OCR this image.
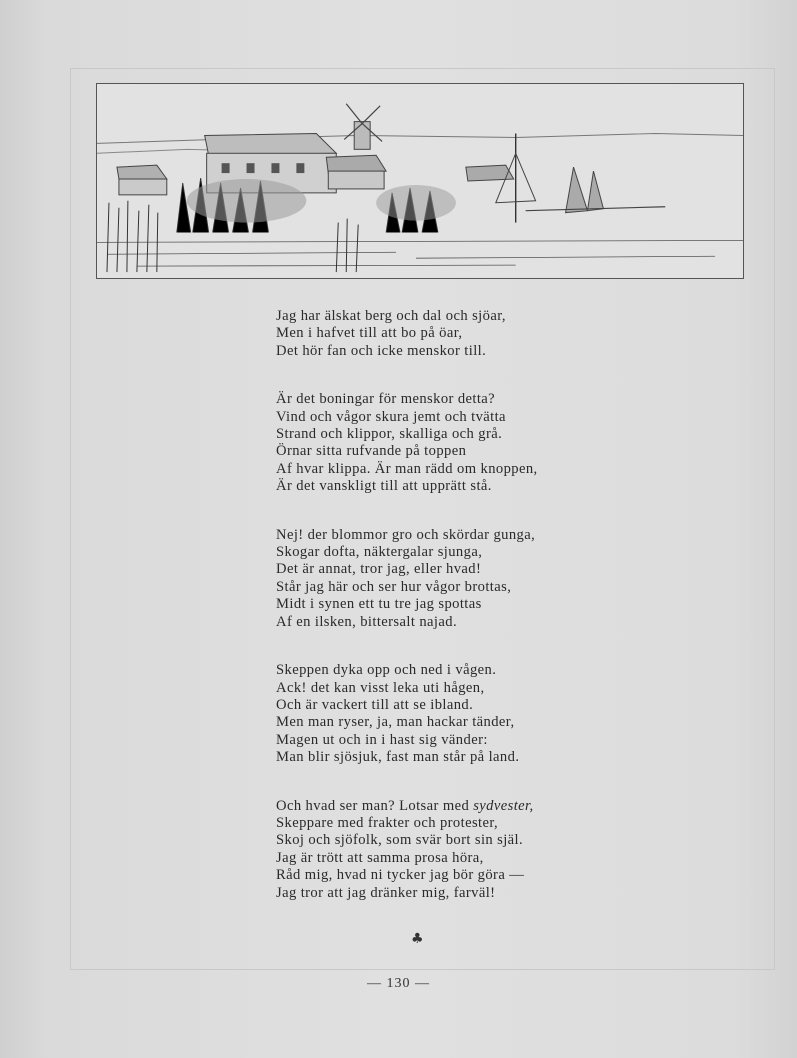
Jag har älskat berg och dal och sjöar,
Men i hafvet till att bo på öar,
Det hör fan och icke menskor till.
Är det boningar för menskor detta?
Vind och vågor skura jemt och tvätta
Strand och klippor, skalliga och grå.
Örnar sitta rufvande på toppen
Af hvar klippa. Är man rädd om knoppen,
Är det vanskligt till att upprätt stå.
Nej! der blommor gro och skördar gunga,
Skogar dofta, näktergalar sjunga,
Det är annat, tror jag, eller hvad!
Står jag här och ser hur vågor brottas,
Midt i synen ett tu tre jag spottas
Af en ilsken, bittersalt najad.
Skeppen dyka opp och ned i vågen.
Ack! det kan visst leka uti hågen,
Och är vackert till att se ibland.
Men man ryser, ja, man hackar tänder,
Magen ut och in i hast sig vänder:
Man blir sjösjuk, fast man står på land.
Och hvad ser man? Lotsar med sydvester,
Skeppare med frakter och protester,
Skoj och sjöfolk, som svär bort sin själ.
Jag är trött att samma prosa höra,
Råd mig, hvad ni tycker jag bör göra —
Jag tror att jag dränker mig, farväl!
♣
— 130 —
